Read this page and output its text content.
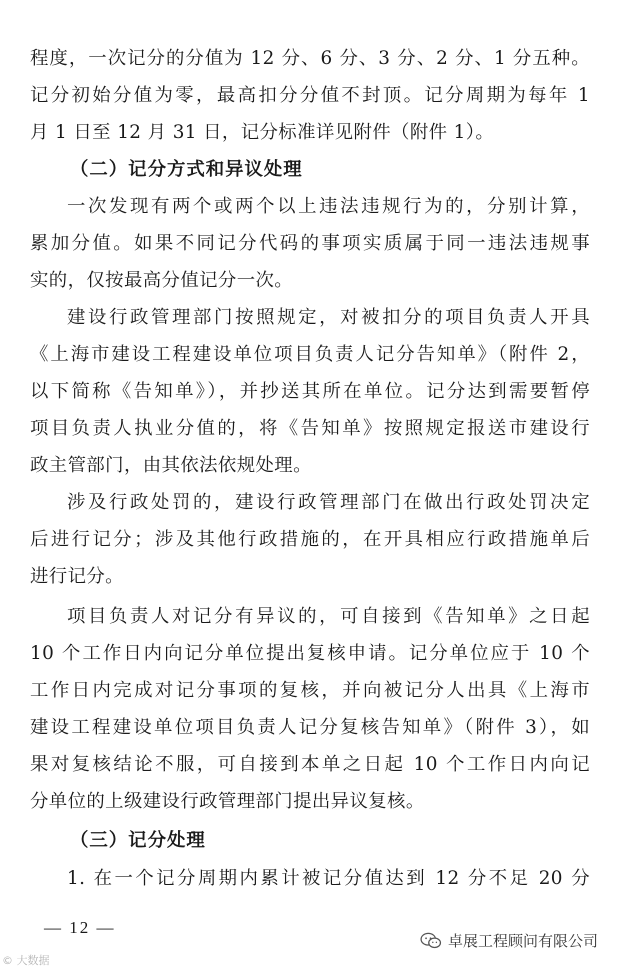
程度，一次记分的分值为 12 分、6 分、3 分、2 分、1 分五种。
记分初始分值为零，最高扣分分值不封顶。记分周期为每年 1
月 1 日至 12 月 31 日，记分标准详见附件（附件 1）。
（二）记分方式和异议处理
一次发现有两个或两个以上违法违规行为的，分别计算，
累加分值。如果不同记分代码的事项实质属于同一违法违规事
实的，仅按最高分值记分一次。
建设行政管理部门按照规定，对被扣分的项目负责人开具
《上海市建设工程建设单位项目负责人记分告知单》（附件 2，
以下简称《告知单》），并抄送其所在单位。记分达到需要暂停
项目负责人执业分值的，将《告知单》按照规定报送市建设行
政主管部门，由其依法依规处理。
涉及行政处罚的，建设行政管理部门在做出行政处罚决定
后进行记分；涉及其他行政措施的，在开具相应行政措施单后
进行记分。
项目负责人对记分有异议的，可自接到《告知单》之日起
10 个工作日内向记分单位提出复核申请。记分单位应于 10 个
工作日内完成对记分事项的复核，并向被记分人出具《上海市
建设工程建设单位项目负责人记分复核告知单》（附件 3），如
果对复核结论不服，可自接到本单之日起 10 个工作日内向记
分单位的上级建设行政管理部门提出异议复核。
（三）记分处理
1. 在一个记分周期内累计被记分值达到 12 分不足 20 分
— 12 —
© 大数据
卓展工程顾问有限公司
